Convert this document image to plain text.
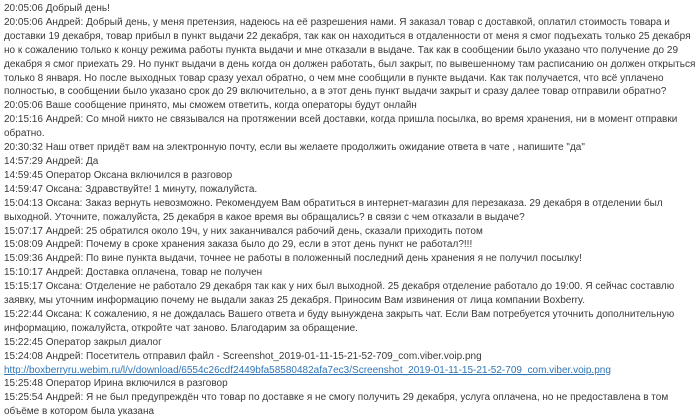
20:05:06 Добрый день!
20:05:06 Андрей: Добрый день, у меня претензия, надеюсь на её разрешения нами. Я заказал товар с доставкой, оплатил стоимость товара и доставки 19 декабря, товар прибыл в пункт выдачи 22 декабря, так как он находиться в отдаленности от меня я смог подъехать только 25 декабря но к сожалению только к концу режима работы пункта выдачи и мне отказали в выдаче. Так как в сообщении было указано что получение до 29 декабря я смог приехать 29. Но пункт выдачи в день когда он должен работать, был закрыт, по вывешенному там расписанию он должен открыться только 8 января. Но после выходных товар сразу уехал обратно, о чем мне сообщили в пункте выдачи. Как так получается, что всё уплачено полностью, в сообщении было указано срок до 29 включительно, а в этот день пункт выдачи закрыт и сразу далее товар отправили обратно?
20:05:06 Ваше сообщение принято, мы сможем ответить, когда операторы будут онлайн
20:15:16 Андрей: Со мной никто не связывался на протяжении всей доставки, когда пришла посылка, во время хранения, ни в момент отправки обратно.
20:30:32 Наш ответ придёт вам на электронную почту, если вы желаете продолжить ожидание ответа в чате , напишите "да"
14:57:29 Андрей: Да
14:59:45 Оператор Оксана включился в разговор
14:59:47 Оксана: Здравствуйте! 1 минуту, пожалуйста.
15:04:13 Оксана: Заказ вернуть невозможно. Рекомендуем Вам обратиться в интернет-магазин для перезаказа. 29 декабря в отделении был выходной. Уточните, пожалуйста, 25 декабря в какое время вы обращались? в связи с чем отказали в выдаче?
15:07:17 Андрей: 25 обратился около 19ч, у них заканчивался рабочий день, сказали приходить потом
15:08:09 Андрей: Почему в сроке хранения заказа было до 29, если в этот день пункт не работал?!!!
15:09:36 Андрей: По вине пункта выдачи, точнее не работы в положенный последний день хранения я не получил посылку!
15:10:17 Андрей: Доставка оплачена, товар не получен
15:15:17 Оксана: Отделение не работало 29 декабря так как у них был выходной. 25 декабря отделение работало до 19:00. Я сейчас составлю заявку, мы уточним информацию почему не выдали заказ 25 декабря. Приносим Вам извинения от лица компании Boxberry.
15:22:44 Оксана: К сожалению, я не дождалась Вашего ответа и буду вынуждена закрыть чат. Если Вам потребуется уточнить дополнительную информацию, пожалуйста, откройте чат заново. Благодарим за обращение.
15:22:45 Оператор закрыл диалог
15:24:08 Андрей: Посетитель отправил файл - Screenshot_2019-01-11-15-21-52-709_com.viber.voip.png
http://boxberryru.webim.ru/l/v/download/6554c26cdf2449bfa58580482afa7ec3/Screenshot_2019-01-11-15-21-52-709_com.viber.voip.png
15:25:48 Оператор Ирина включился в разговор
15:25:54 Андрей: Я не был предупреждён что товар по доставке я не смогу получить 29 декабря, услуга оплачена, но не предоставлена в том объёме в котором была указана
